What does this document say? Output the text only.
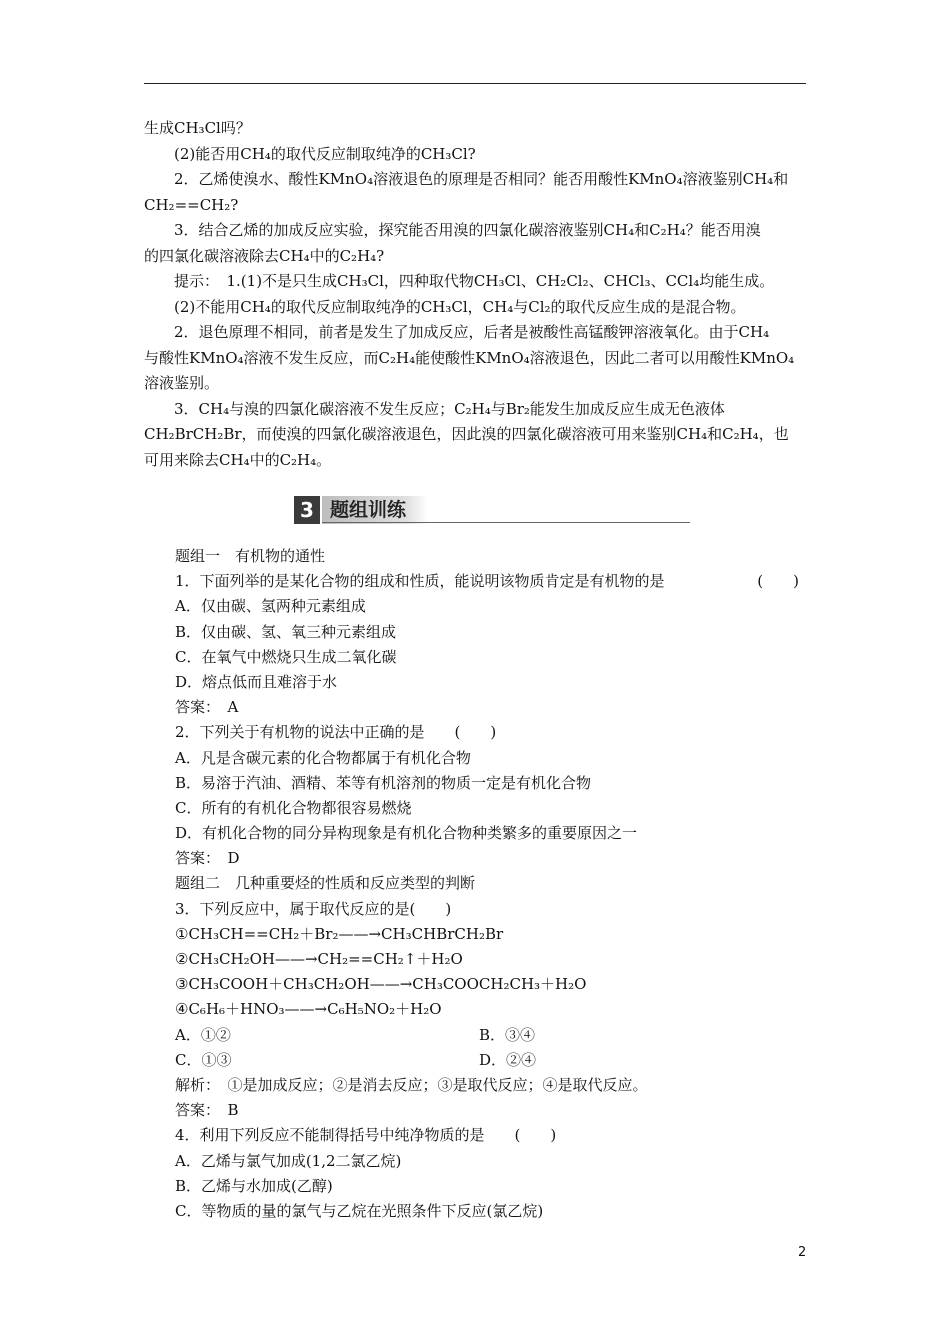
生成CH₃Cl吗？
(2)能否用CH₄的取代反应制取纯净的CH₃Cl?
2．乙烯使溴水、酸性KMnO₄溶液退色的原理是否相同？能否用酸性KMnO₄溶液鉴别CH₄和
CH₂==CH₂?
3．结合乙烯的加成反应实验，探究能否用溴的四氯化碳溶液鉴别CH₄和C₂H₄？能否用溴
的四氯化碳溶液除去CH₄中的C₂H₄?
提示：　1.(1)不是只生成CH₃Cl，四种取代物CH₃Cl、CH₂Cl₂、CHCl₃、CCl₄均能生成。
(2)不能用CH₄的取代反应制取纯净的CH₃Cl，CH₄与Cl₂的取代反应生成的是混合物。
2．退色原理不相同，前者是发生了加成反应，后者是被酸性高锰酸钾溶液氧化。由于CH₄
与酸性KMnO₄溶液不发生反应，而C₂H₄能使酸性KMnO₄溶液退色，因此二者可以用酸性KMnO₄
溶液鉴别。
3．CH₄与溴的四氯化碳溶液不发生反应；C₂H₄与Br₂能发生加成反应生成无色液体
CH₂BrCH₂Br，而使溴的四氯化碳溶液退色，因此溴的四氯化碳溶液可用来鉴别CH₄和C₂H₄，也
可用来除去CH₄中的C₂H₄。
3 题组训练
题组一　有机物的通性
1．下面列举的是某化合物的组成和性质，能说明该物质肯定是有机物的是	(　　)
A．仅由碳、氢两种元素组成
B．仅由碳、氢、氧三种元素组成
C．在氧气中燃烧只生成二氧化碳
D．熔点低而且难溶于水
答案：　A
2．下列关于有机物的说法中正确的是　　(　　)
A．凡是含碳元素的化合物都属于有机化合物
B．易溶于汽油、酒精、苯等有机溶剂的物质一定是有机化合物
C．所有的有机化合物都很容易燃烧
D．有机化合物的同分异构现象是有机化合物种类繁多的重要原因之一
答案：　D
题组二　几种重要烃的性质和反应类型的判断
3．下列反应中，属于取代反应的是(　　)
①CH₃CH==CH₂＋Br₂——→CH₃CHBrCH₂Br
②CH₃CH₂OH——→CH₂==CH₂↑＋H₂O
③CH₃COOH＋CH₃CH₂OH——→CH₃COOCH₂CH₃＋H₂O
④C₆H₆＋HNO₃——→C₆H₅NO₂＋H₂O
A．①②	B．③④
C．①③	D．②④
解析：　①是加成反应；②是消去反应；③是取代反应；④是取代反应。
答案：　B
4．利用下列反应不能制得括号中纯净物质的是　　(　　)
A．乙烯与氯气加成(1,2二氯乙烷)
B．乙烯与水加成(乙醇)
C．等物质的量的氯气与乙烷在光照条件下反应(氯乙烷)
2
